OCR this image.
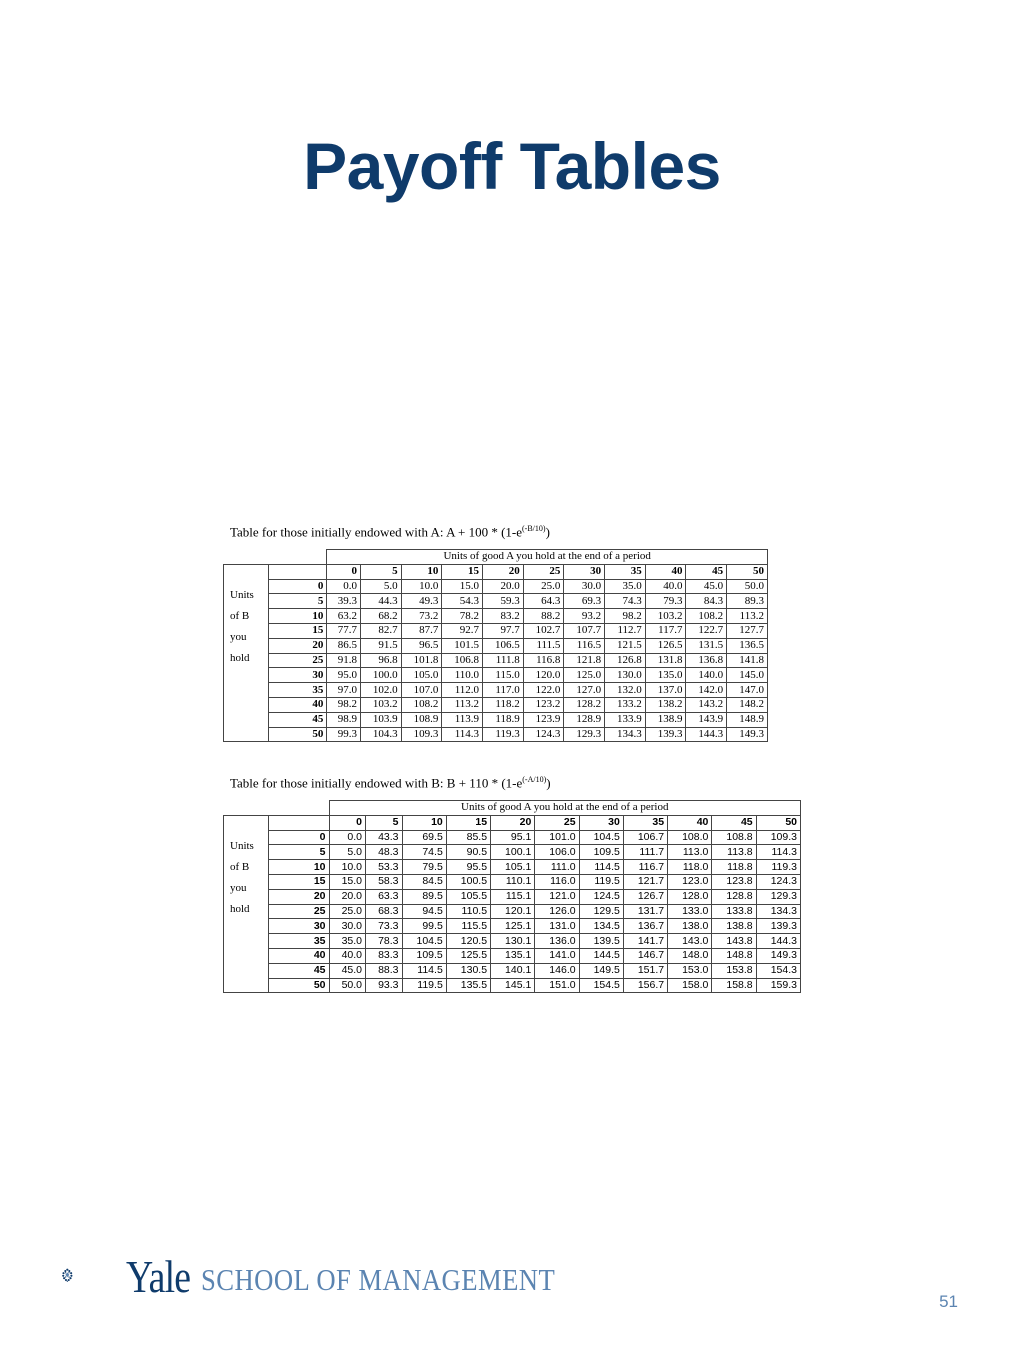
Payoff Tables
Table for those initially endowed with A: $A + 100 * (1-e^{(-B/10)})$
		Units of good A you hold at the end of a period										

Units
of B
you
hold		0	5	10	15	20	25	30	35	40	45	50
	0	0.0	5.0	10.0	15.0	20.0	25.0	30.0	35.0	40.0	45.0	50.0
	5	39.3	44.3	49.3	54.3	59.3	64.3	69.3	74.3	79.3	84.3	89.3
	10	63.2	68.2	73.2	78.2	83.2	88.2	93.2	98.2	103.2	108.2	113.2
	15	77.7	82.7	87.7	92.7	97.7	102.7	107.7	112.7	117.7	122.7	127.7
	20	86.5	91.5	96.5	101.5	106.5	111.5	116.5	121.5	126.5	131.5	136.5
	25	91.8	96.8	101.8	106.8	111.8	116.8	121.8	126.8	131.8	136.8	141.8
	30	95.0	100.0	105.0	110.0	115.0	120.0	125.0	130.0	135.0	140.0	145.0
	35	97.0	102.0	107.0	112.0	117.0	122.0	127.0	132.0	137.0	142.0	147.0
	40	98.2	103.2	108.2	113.2	118.2	123.2	128.2	133.2	138.2	143.2	148.2
	45	98.9	103.9	108.9	113.9	118.9	123.9	128.9	133.9	138.9	143.9	148.9
	50	99.3	104.3	109.3	114.3	119.3	124.3	129.3	134.3	139.3	144.3	149.3
Table for those initially endowed with B: $B + 110 * (1-e^{(-A/10)})$
		Units of good A you hold at the end of a period										

Units
of B
you
hold		0	5	10	15	20	25	30	35	40	45	50
	0	0.0	43.3	69.5	85.5	95.1	101.0	104.5	106.7	108.0	108.8	109.3
	5	5.0	48.3	74.5	90.5	100.1	106.0	109.5	111.7	113.0	113.8	114.3
	10	10.0	53.3	79.5	95.5	105.1	111.0	114.5	116.7	118.0	118.8	119.3
	15	15.0	58.3	84.5	100.5	110.1	116.0	119.5	121.7	123.0	123.8	124.3
	20	20.0	63.3	89.5	105.5	115.1	121.0	124.5	126.7	128.0	128.8	129.3
	25	25.0	68.3	94.5	110.5	120.1	126.0	129.5	131.7	133.0	133.8	134.3
	30	30.0	73.3	99.5	115.5	125.1	131.0	134.5	136.7	138.0	138.8	139.3
	35	35.0	78.3	104.5	120.5	130.1	136.0	139.5	141.7	143.0	143.8	144.3
	40	40.0	83.3	109.5	125.5	135.1	141.0	144.5	146.7	148.0	148.8	149.3
	45	45.0	88.3	114.5	130.5	140.1	146.0	149.5	151.7	153.0	153.8	154.3
	50	50.0	93.3	119.5	135.5	145.1	151.0	154.5	156.7	158.0	158.8	159.3
Yale SCHOOL OF MANAGEMENT
51
